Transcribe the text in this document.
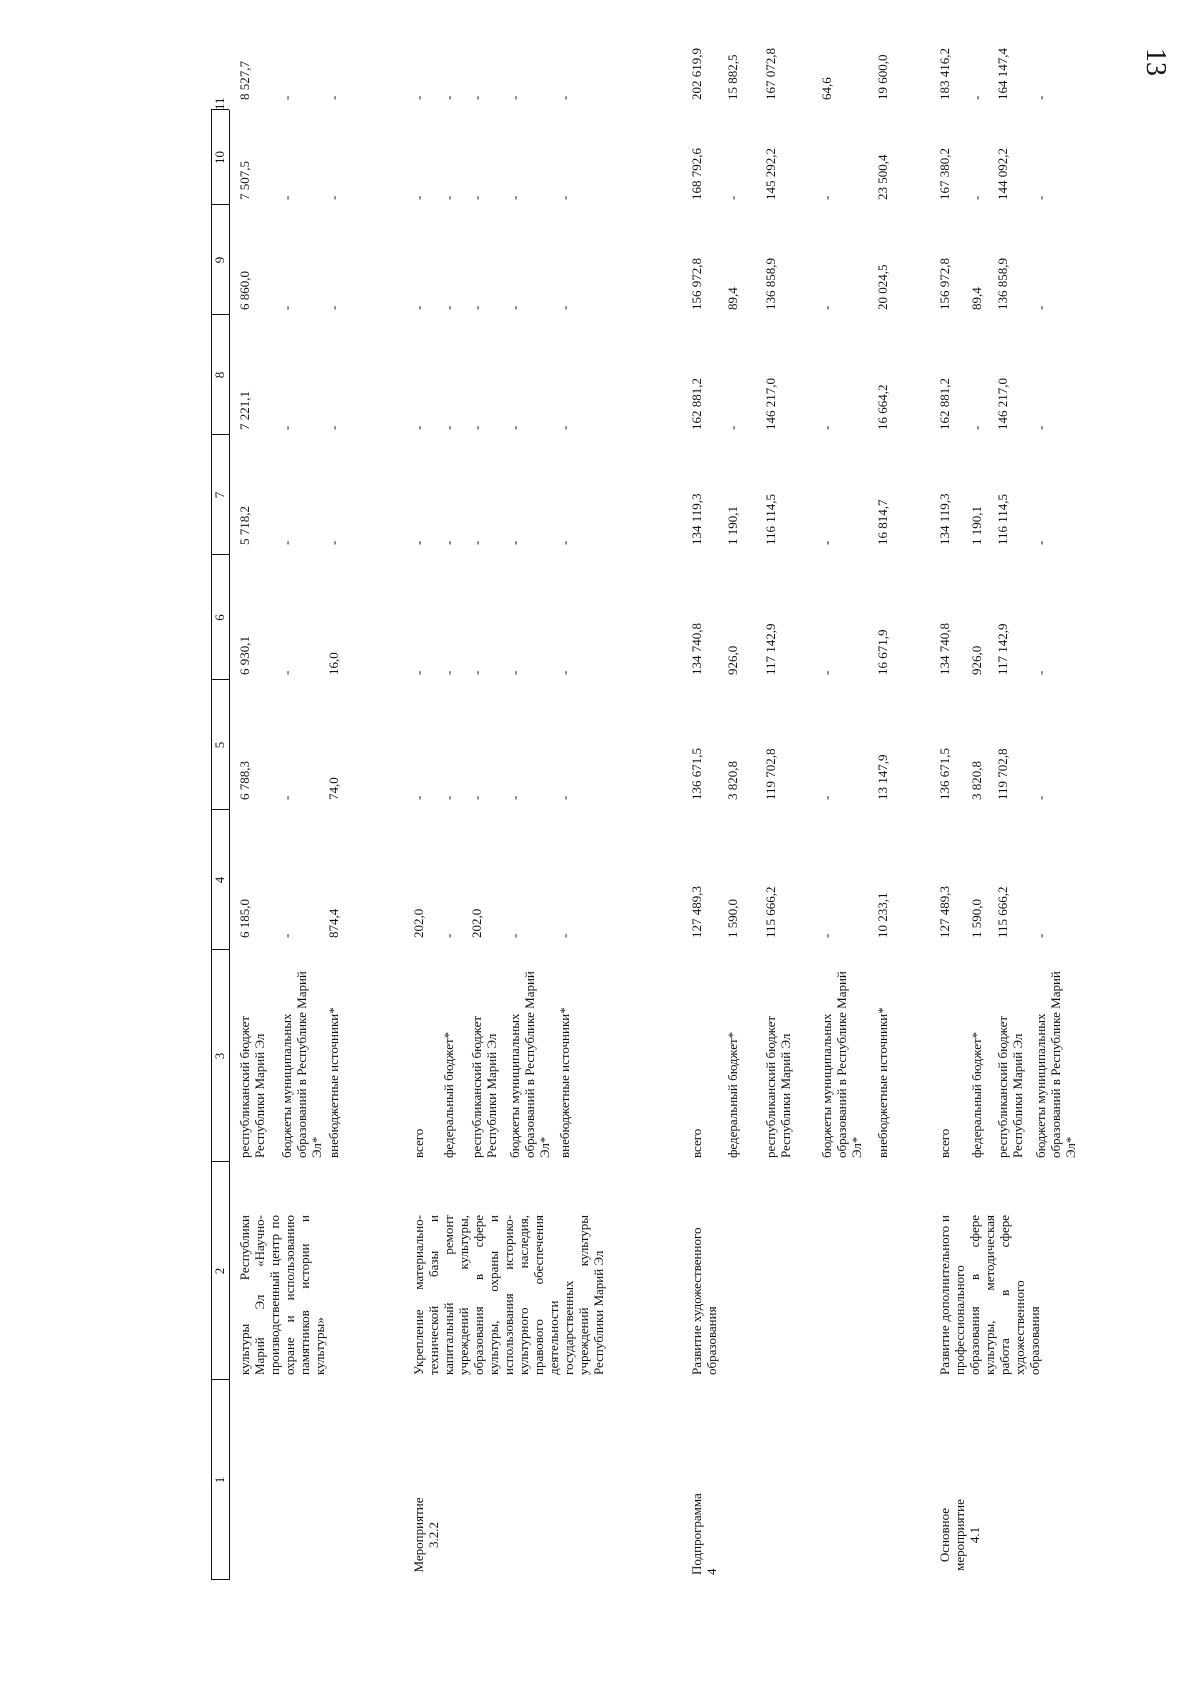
13
1
2
3
4
5
6
7
8
9
10
11
культуры Республики Марий Эл «Научно-производственный центр по охране и использованию памятников истории и культуры»
республиканский бюджет Республики Марий Эл бюджеты муниципальных образований в Республике Марий Эл* внебюджетные источники*
Мероприятие 3.2.2
Укрепление материально-технической базы и капитальный ремонт учреждений культуры, образования в сфере культуры, охраны и использования историко-культурного наследия, правового обеспечения деятельности государственных учреждений культуры Республики Марий Эл
всего федеральный бюджет* республиканский бюджет Республики Марий Эл бюджеты муниципальных образований в Республике Марий Эл* внебюджетные источники*
Подпрограмма 4
Развитие художественного образования
всего федеральный бюджет* республиканский бюджет Республики Марий Эл бюджеты муниципальных образований в Республике Марий Эл* внебюджетные источники*
Основное мероприятие 4.1
Развитие дополнительного и профессионального образования в сфере культуры, методическая работа в сфере художественного образования
всего федеральный бюджет* республиканский бюджет Республики Марий Эл бюджеты муниципальных образований в Республике Марий Эл*
6 185,0
6 788,3
6 930,1
5 718,2
7 221,1
6 860,0
7 507,5
8 527,7
-
-
-
-
-
-
-
-
874,4
74,0
16,0
-
-
-
-
-
202,0
-
-
-
-
-
-
-
-
-
-
-
-
-
-
-
202,0
-
-
-
-
-
-
-
-
-
-
-
-
-
-
-
-
-
-
-
-
-
-
-
127 489,3
136 671,5
134 740,8
134 119,3
162 881,2
156 972,8
168 792,6
202 619,9
1 590,0
3 820,8
926,0
1 190,1
-
89,4
-
15 882,5
115 666,2
119 702,8
117 142,9
116 114,5
146 217,0
136 858,9
145 292,2
167 072,8
-
-
-
-
-
-
-
64,6
10 233,1
13 147,9
16 671,9
16 814,7
16 664,2
20 024,5
23 500,4
19 600,0
127 489,3
136 671,5
134 740,8
134 119,3
162 881,2
156 972,8
167 380,2
183 416,2
1 590,0
3 820,8
926,0
1 190,1
-
89,4
-
-
115 666,2
119 702,8
117 142,9
116 114,5
146 217,0
136 858,9
144 092,2
164 147,4
-
-
-
-
-
-
-
-
